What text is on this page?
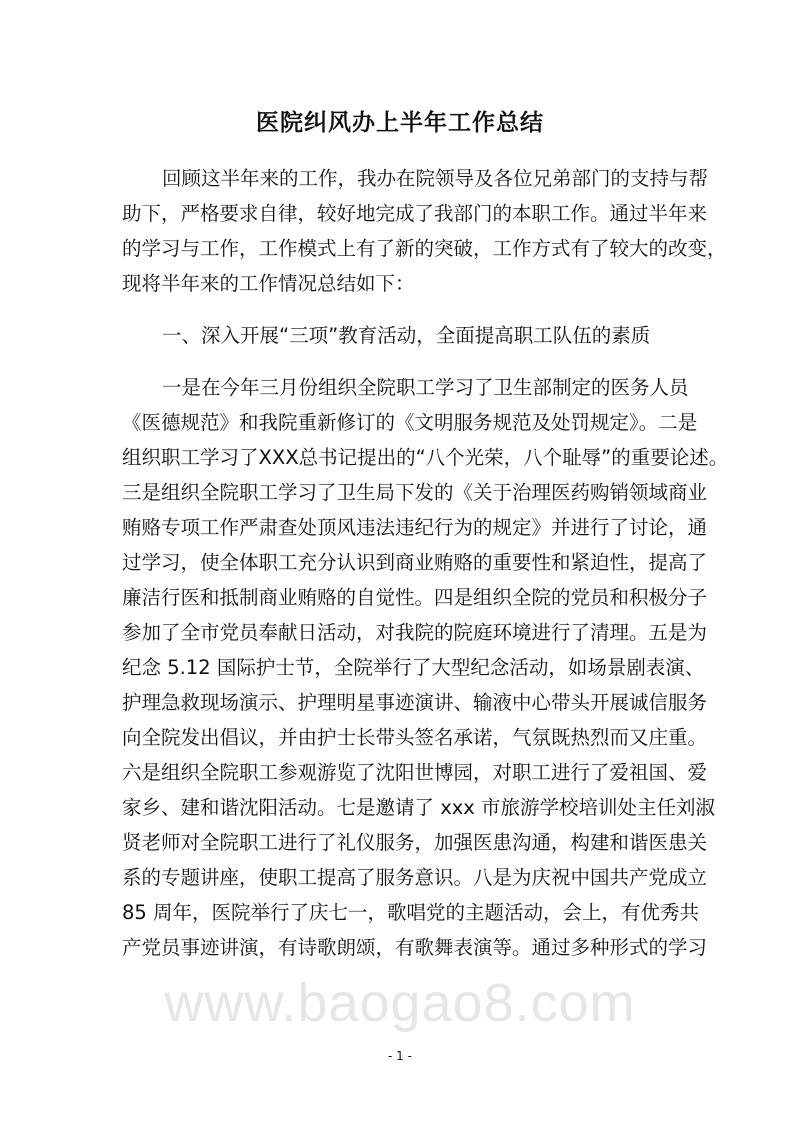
www.baogao8.com
医院纠风办上半年工作总结
回顾这半年来的工作，我办在院领导及各位兄弟部门的支持与帮
助下，严格要求自律，较好地完成了我部门的本职工作。通过半年来
的学习与工作，工作模式上有了新的突破，工作方式有了较大的改变，
现将半年来的工作情况总结如下：
一、深入开展“三项”教育活动，全面提高职工队伍的素质
一是在今年三月份组织全院职工学习了卫生部制定的医务人员
《医德规范》和我院重新修订的《文明服务规范及处罚规定》。二是
组织职工学习了XXX总书记提出的“八个光荣，八个耻辱”的重要论述。
三是组织全院职工学习了卫生局下发的《关于治理医药购销领域商业
贿赂专项工作严肃查处顶风违法违纪行为的规定》并进行了讨论，通
过学习，使全体职工充分认识到商业贿赂的重要性和紧迫性，提高了
廉洁行医和抵制商业贿赂的自觉性。四是组织全院的党员和积极分子
参加了全市党员奉献日活动，对我院的院庭环境进行了清理。五是为
纪念 5.12 国际护士节，全院举行了大型纪念活动，如场景剧表演、
护理急救现场演示、护理明星事迹演讲、输液中心带头开展诚信服务
向全院发出倡议，并由护士长带头签名承诺，气氛既热烈而又庄重。
六是组织全院职工参观游览了沈阳世博园，对职工进行了爱祖国、爱
家乡、建和谐沈阳活动。七是邀请了 xxx 市旅游学校培训处主任刘淑
贤老师对全院职工进行了礼仪服务，加强医患沟通，构建和谐医患关
系的专题讲座，使职工提高了服务意识。八是为庆祝中国共产党成立
85 周年，医院举行了庆七一，歌唱党的主题活动，会上，有优秀共
产党员事迹讲演，有诗歌朗颂，有歌舞表演等。通过多种形式的学习
- 1 -
